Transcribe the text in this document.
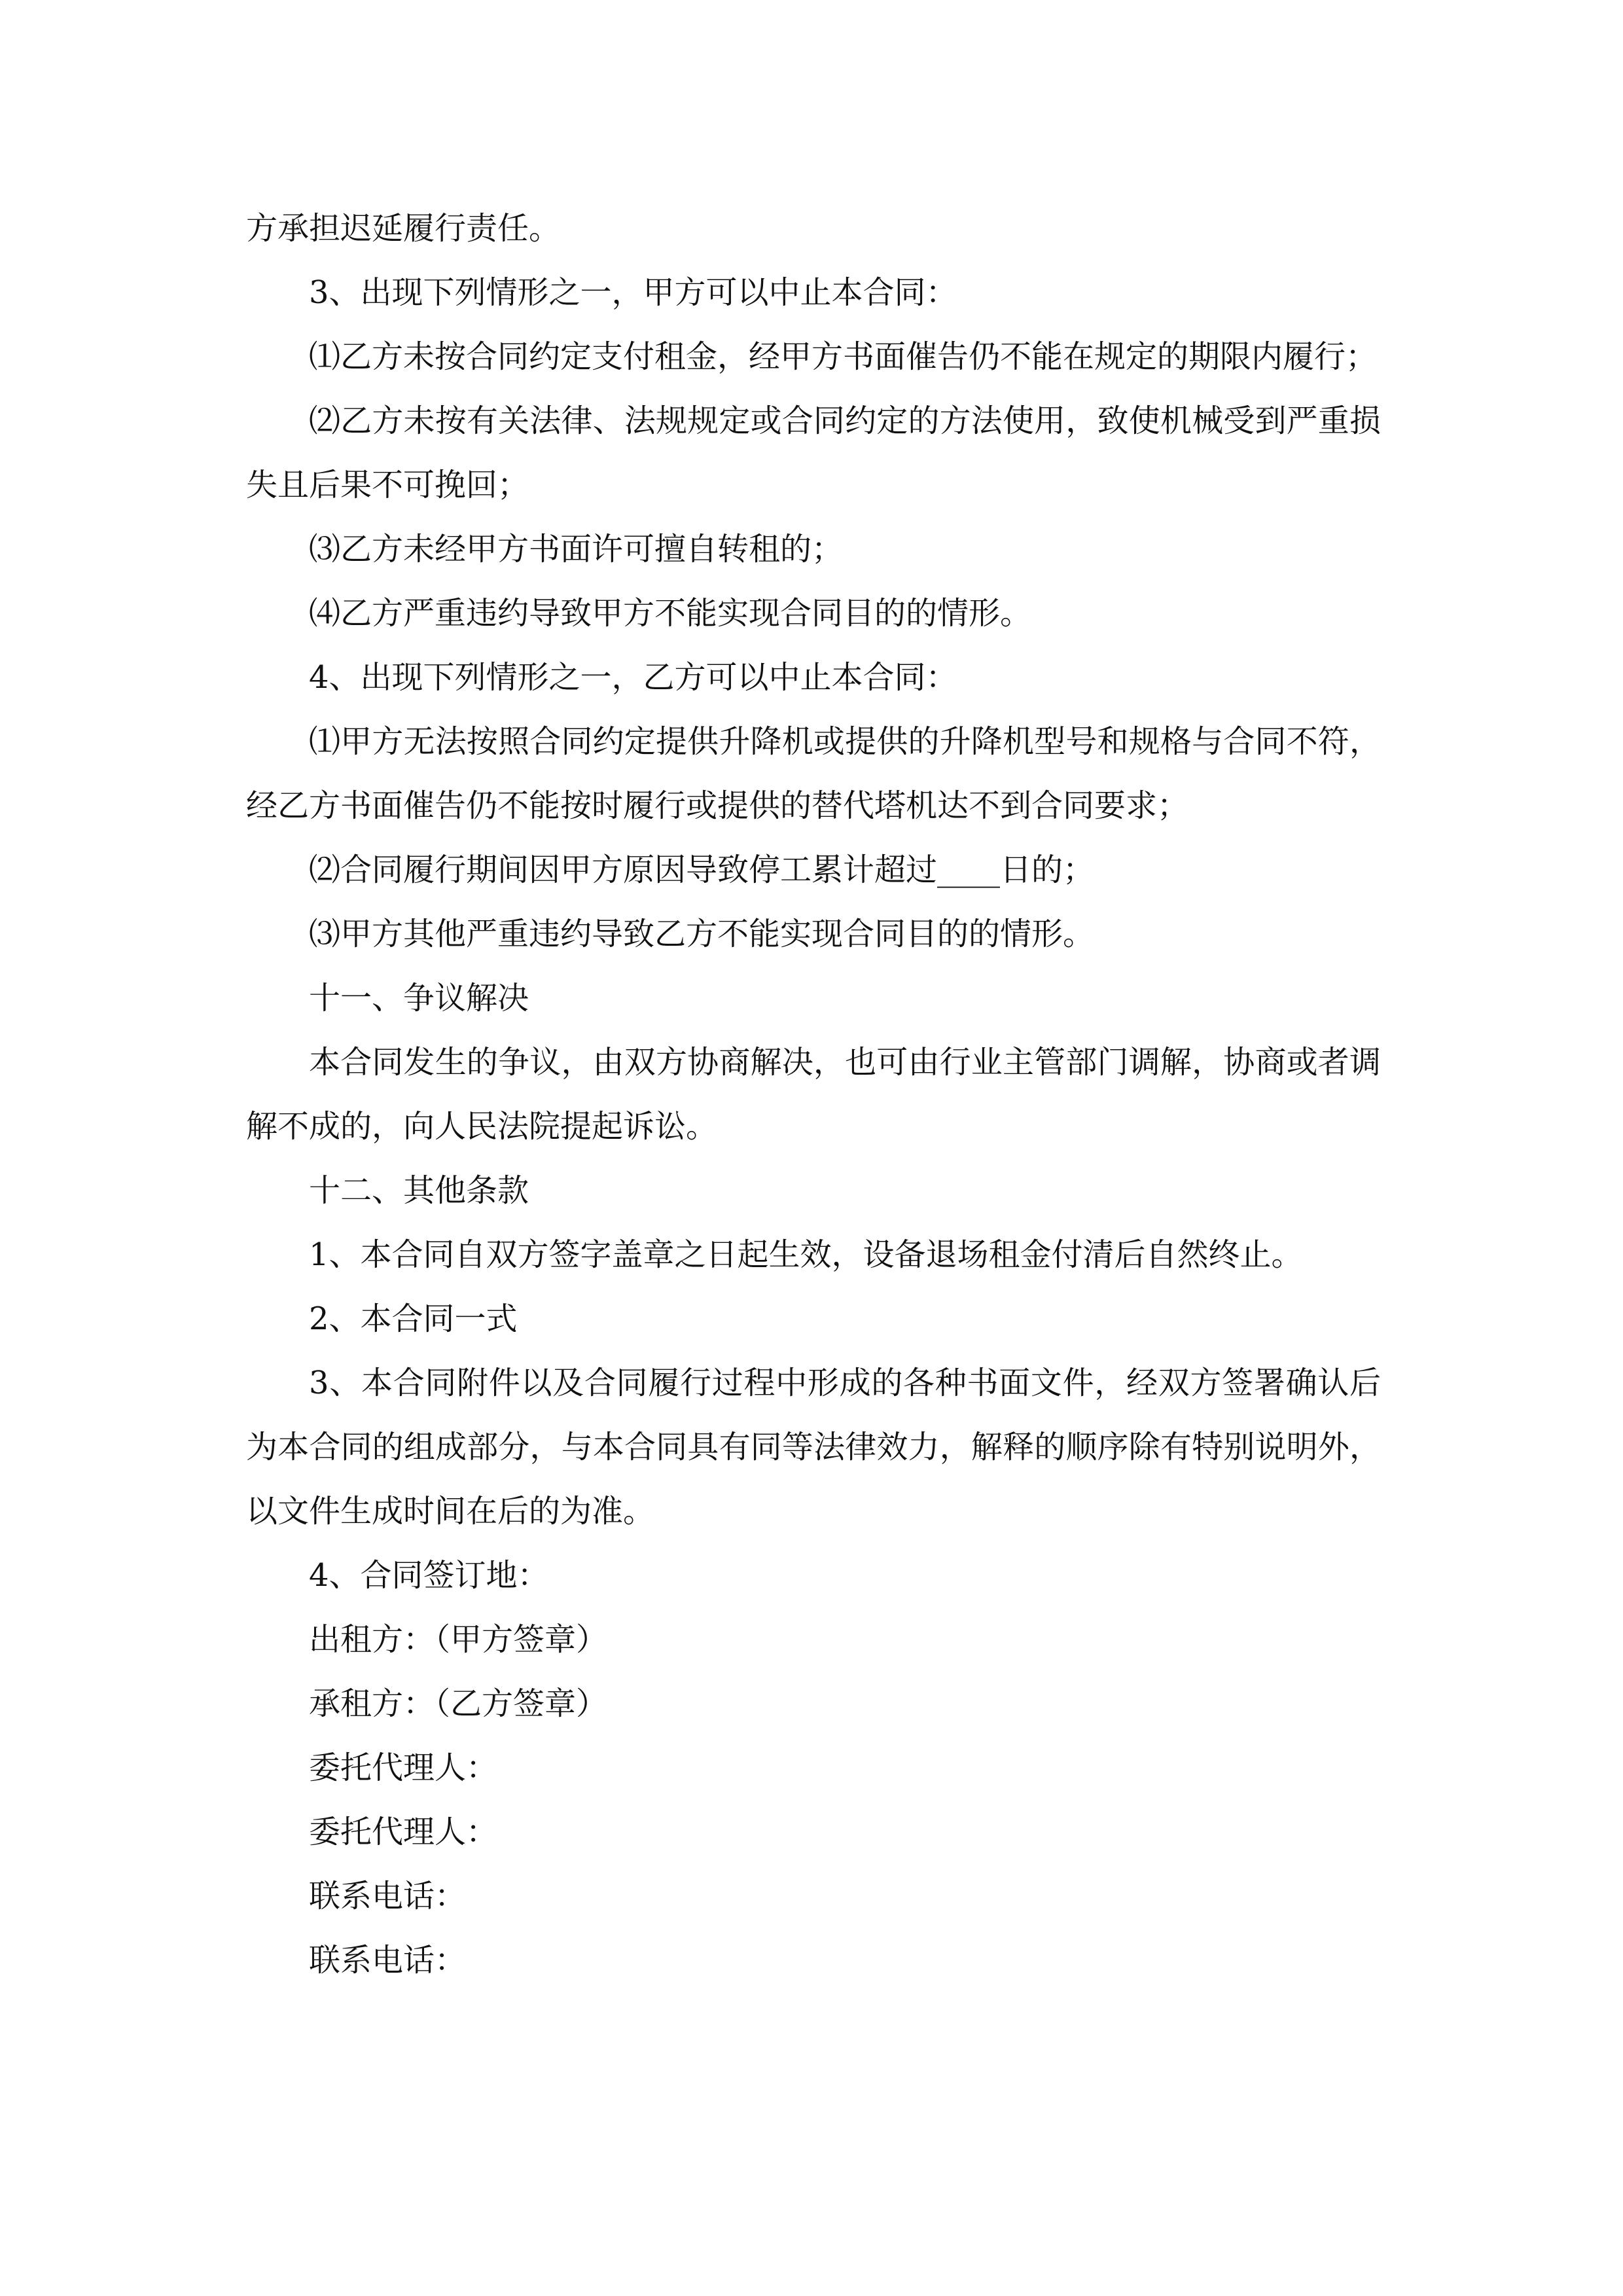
方承担迟延履行责任。

3、出现下列情形之一，甲方可以中止本合同：

⑴乙方未按合同约定支付租金，经甲方书面催告仍不能在规定的期限内履行；

⑵乙方未按有关法律、法规规定或合同约定的方法使用，致使机械受到严重损失且后果不可挽回；

⑶乙方未经甲方书面许可擅自转租的；

⑷乙方严重违约导致甲方不能实现合同目的的情形。

4、出现下列情形之一，乙方可以中止本合同：

⑴甲方无法按照合同约定提供升降机或提供的升降机型号和规格与合同不符，经乙方书面催告仍不能按时履行或提供的替代塔机达不到合同要求；

⑵合同履行期间因甲方原因导致停工累计超过____日的；

⑶甲方其他严重违约导致乙方不能实现合同目的的情形。

十一、争议解决

本合同发生的争议，由双方协商解决，也可由行业主管部门调解，协商或者调解不成的，向人民法院提起诉讼。

十二、其他条款

1、本合同自双方签字盖章之日起生效，设备退场租金付清后自然终止。

2、本合同一式

3、本合同附件以及合同履行过程中形成的各种书面文件，经双方签署确认后为本合同的组成部分，与本合同具有同等法律效力，解释的顺序除有特别说明外，以文件生成时间在后的为准。

4、合同签订地：

出租方：（甲方签章）

承租方：（乙方签章）

委托代理人：

委托代理人：

联系电话：

联系电话：
